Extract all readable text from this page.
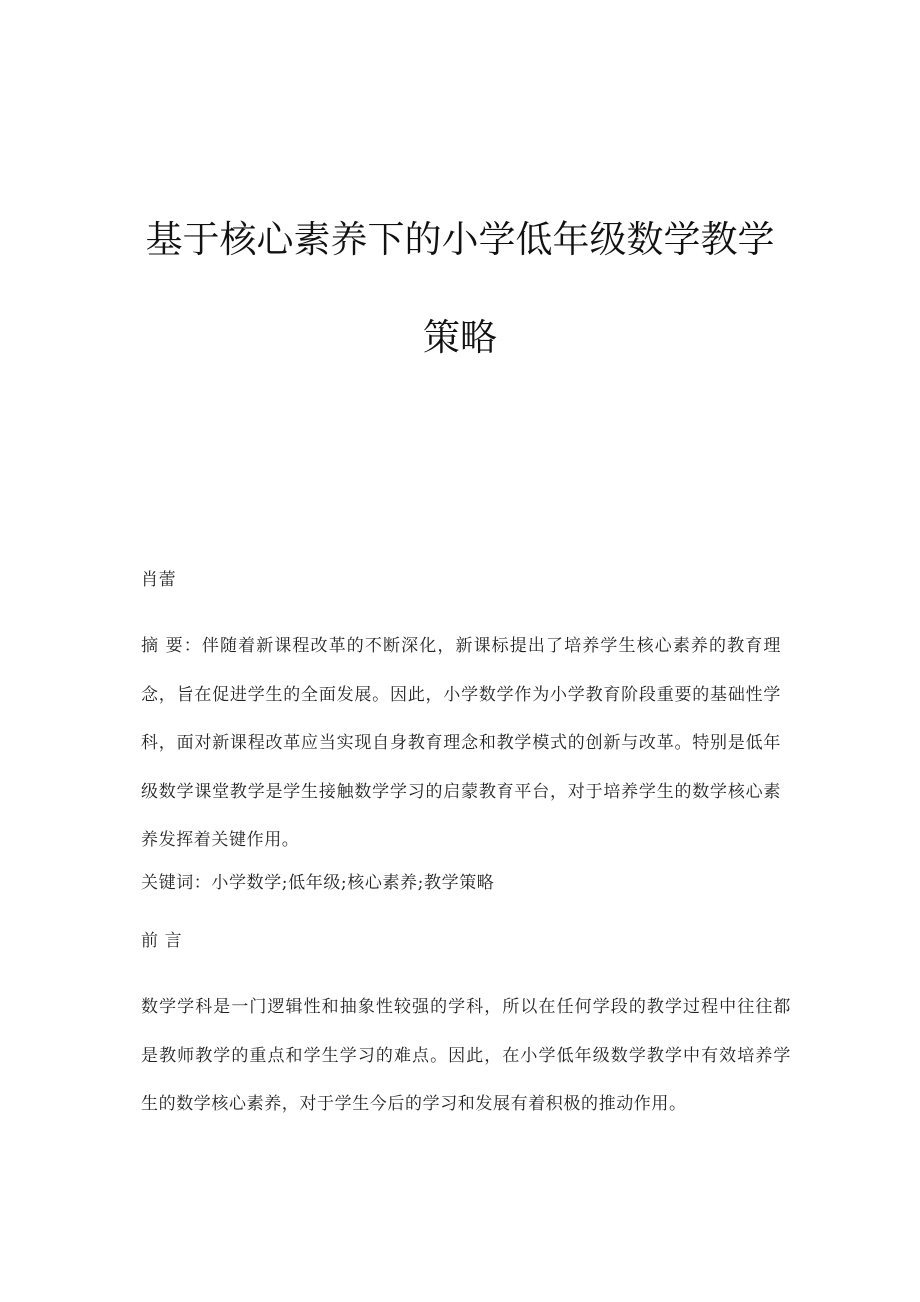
基于核心素养下的小学低年级数学教学
策略

肖蕾

摘 要：伴随着新课程改革的不断深化，新课标提出了培养学生核心素养的教育理念，旨在促进学生的全面发展。因此，小学数学作为小学教育阶段重要的基础性学科，面对新课程改革应当实现自身教育理念和教学模式的创新与改革。特别是低年级数学课堂教学是学生接触数学学习的启蒙教育平台，对于培养学生的数学核心素养发挥着关键作用。

关键词：小学数学;低年级;核心素养;教学策略

前 言

数学学科是一门逻辑性和抽象性较强的学科，所以在任何学段的教学过程中往往都是教师教学的重点和学生学习的难点。因此，在小学低年级数学教学中有效培养学生的数学核心素养，对于学生今后的学习和发展有着积极的推动作用。
